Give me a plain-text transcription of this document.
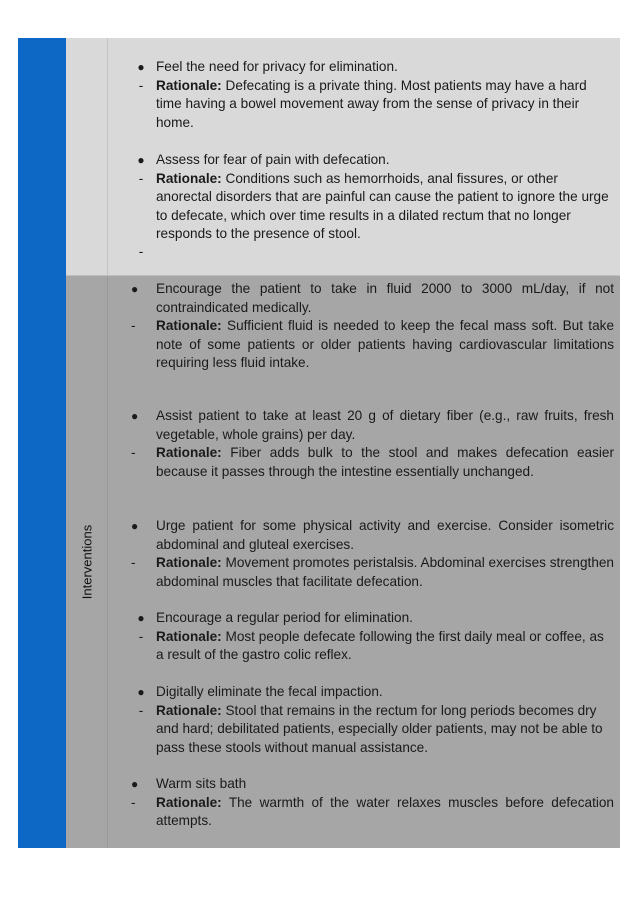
● Feel the need for privacy for elimination.
- Rationale: Defecating is a private thing. Most patients may have a hard time having a bowel movement away from the sense of privacy in their home.
● Assess for fear of pain with defecation.
- Rationale: Conditions such as hemorrhoids, anal fissures, or other anorectal disorders that are painful can cause the patient to ignore the urge to defecate, which over time results in a dilated rectum that no longer responds to the presence of stool.
-
Interventions
●	Encourage the patient to take in fluid 2000 to 3000 mL/day, if not contraindicated medically.
-	Rationale: Sufficient fluid is needed to keep the fecal mass soft. But take note of some patients or older patients having cardiovascular limitations requiring less fluid intake.
●	Assist patient to take at least 20 g of dietary fiber (e.g., raw fruits, fresh vegetable, whole grains) per day.
-	Rationale: Fiber adds bulk to the stool and makes defecation easier because it passes through the intestine essentially unchanged.
●	Urge patient for some physical activity and exercise. Consider isometric abdominal and gluteal exercises.
-	Rationale: Movement promotes peristalsis. Abdominal exercises strengthen abdominal muscles that facilitate defecation.
● Encourage a regular period for elimination.
- Rationale: Most people defecate following the first daily meal or coffee, as a result of the gastro colic reflex.
● Digitally eliminate the fecal impaction.
- Rationale: Stool that remains in the rectum for long periods becomes dry and hard; debilitated patients, especially older patients, may not be able to pass these stools without manual assistance.
●	Warm sits bath
-	Rationale: The warmth of the water relaxes muscles before defecation attempts.
